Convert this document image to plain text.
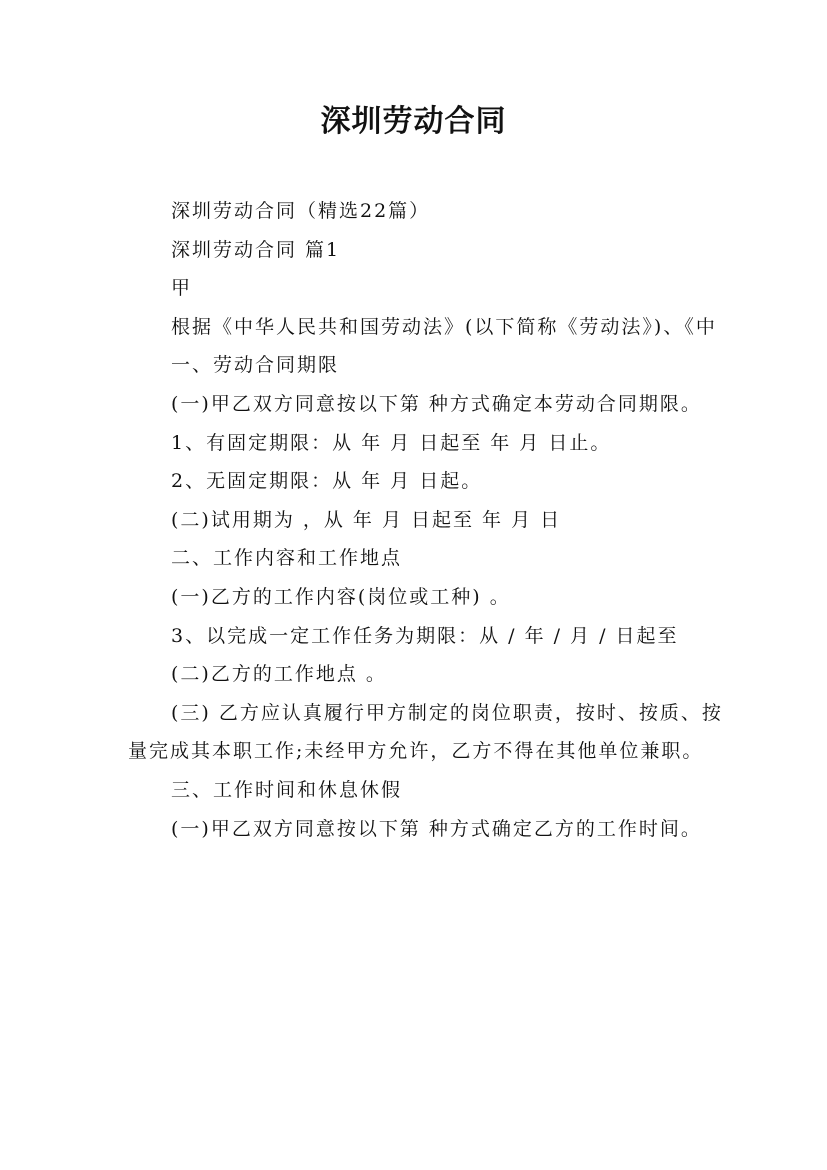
深圳劳动合同

深圳劳动合同（精选22篇）

深圳劳动合同 篇1

甲

根据《中华人民共和国劳动法》(以下简称《劳动法》)、《中

一、劳动合同期限

(一)甲乙双方同意按以下第 种方式确定本劳动合同期限。

1、有固定期限：从 年 月 日起至 年 月 日止。

2、无固定期限：从 年 月 日起。

(二)试用期为 ，从 年 月 日起至 年 月 日

二、工作内容和工作地点

(一)乙方的工作内容(岗位或工种) 。

3、以完成一定工作任务为期限：从 / 年 / 月 / 日起至

(二)乙方的工作地点 。

(三) 乙方应认真履行甲方制定的岗位职责，按时、按质、按量完成其本职工作;未经甲方允许，乙方不得在其他单位兼职。

三、工作时间和休息休假

(一)甲乙双方同意按以下第 种方式确定乙方的工作时间。
